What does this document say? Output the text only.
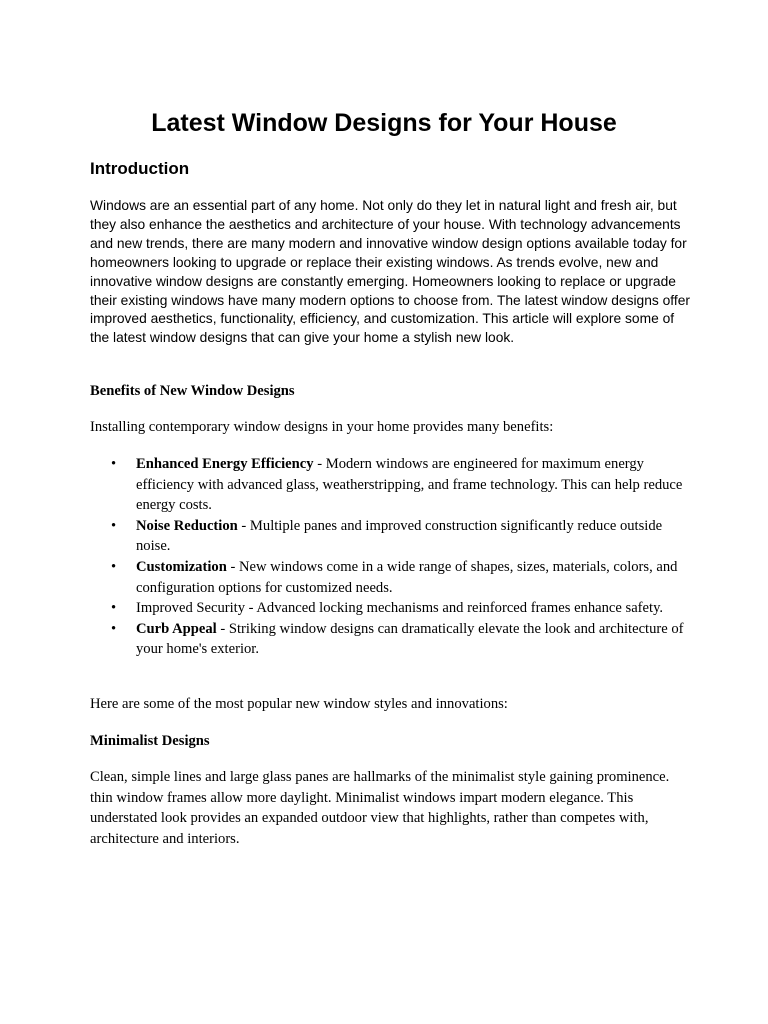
Latest Window Designs for Your House
Introduction

Windows are an essential part of any home. Not only do they let in natural light and fresh air, but they also enhance the aesthetics and architecture of your house. With technology advancements and new trends, there are many modern and innovative window design options available today for homeowners looking to upgrade or replace their existing windows. As trends evolve, new and innovative window designs are constantly emerging. Homeowners looking to replace or upgrade their existing windows have many modern options to choose from. The latest window designs offer improved aesthetics, functionality, efficiency, and customization. This article will explore some of the latest window designs that can give your home a stylish new look.

Benefits of New Window Designs

Installing contemporary window designs in your home provides many benefits:

• Enhanced Energy Efficiency - Modern windows are engineered for maximum energy efficiency with advanced glass, weatherstripping, and frame technology. This can help reduce energy costs.
• Noise Reduction - Multiple panes and improved construction significantly reduce outside noise.
• Customization - New windows come in a wide range of shapes, sizes, materials, colors, and configuration options for customized needs.
• Improved Security - Advanced locking mechanisms and reinforced frames enhance safety.
• Curb Appeal - Striking window designs can dramatically elevate the look and architecture of your home's exterior.

Here are some of the most popular new window styles and innovations:

Minimalist Designs

Clean, simple lines and large glass panes are hallmarks of the minimalist style gaining prominence. thin window frames allow more daylight. Minimalist windows impart modern elegance. This understated look provides an expanded outdoor view that highlights, rather than competes with, architecture and interiors.
